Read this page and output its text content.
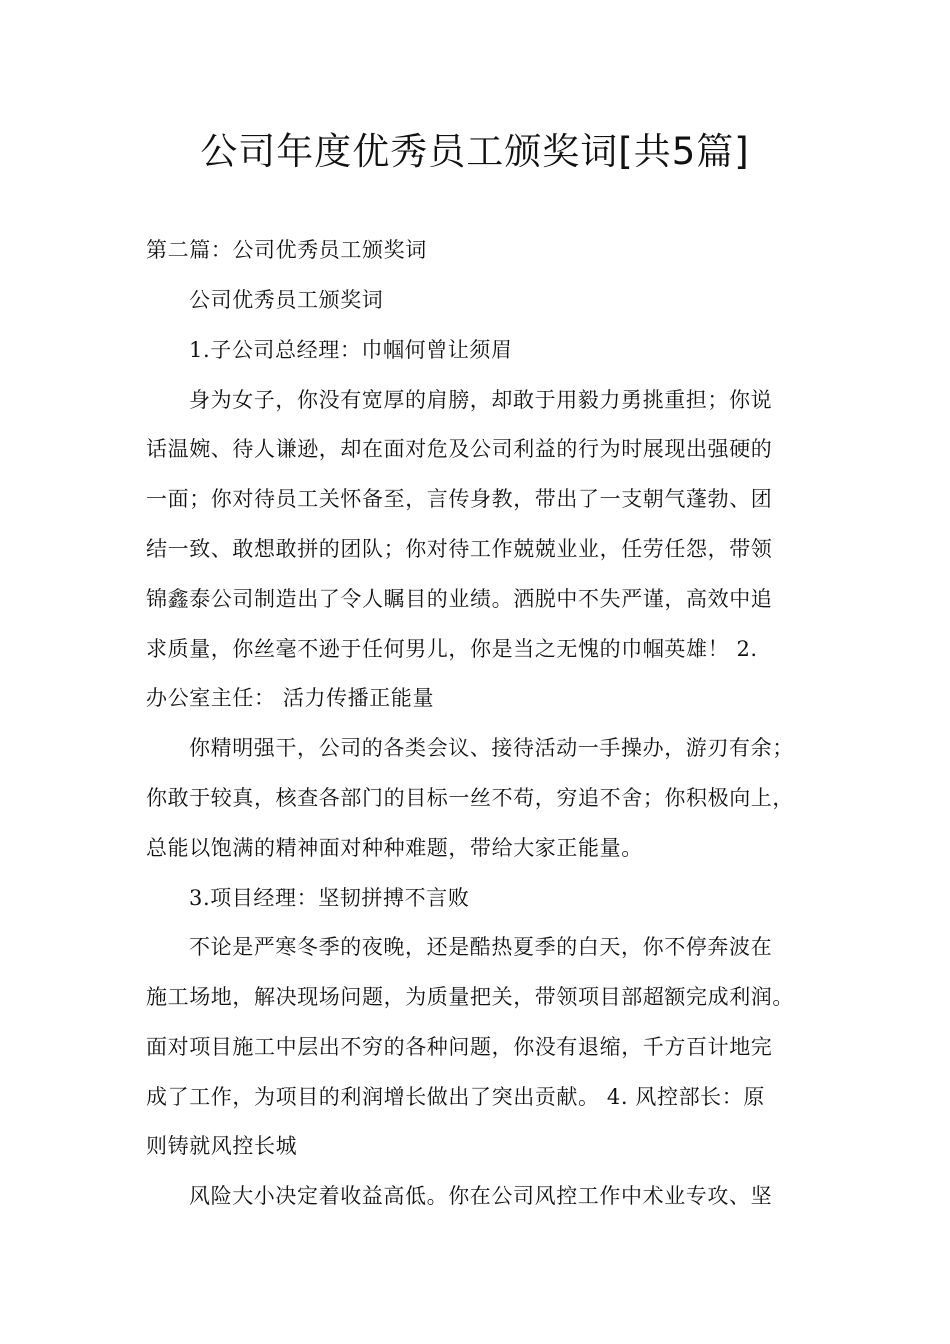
公司年度优秀员工颁奖词[共5篇]
第二篇：公司优秀员工颁奖词
公司优秀员工颁奖词
1.子公司总经理：巾帼何曾让须眉
身为女子，你没有宽厚的肩膀，却敢于用毅力勇挑重担；你说
话温婉、待人谦逊，却在面对危及公司利益的行为时展现出强硬的
一面；你对待员工关怀备至，言传身教，带出了一支朝气蓬勃、团
结一致、敢想敢拼的团队；你对待工作兢兢业业，任劳任怨，带领
锦鑫泰公司制造出了令人瞩目的业绩。洒脱中不失严谨，高效中追
求质量，你丝毫不逊于任何男儿，你是当之无愧的巾帼英雄！ 2.
办公室主任： 活力传播正能量
你精明强干，公司的各类会议、接待活动一手操办，游刃有余；
你敢于较真，核查各部门的目标一丝不苟，穷追不舍；你积极向上，
总能以饱满的精神面对种种难题，带给大家正能量。
3.项目经理：坚韧拼搏不言败
不论是严寒冬季的夜晚，还是酷热夏季的白天，你不停奔波在
施工场地，解决现场问题，为质量把关，带领项目部超额完成利润。
面对项目施工中层出不穷的各种问题，你没有退缩，千方百计地完
成了工作，为项目的利润增长做出了突出贡献。 4. 风控部长：原
则铸就风控长城
风险大小决定着收益高低。你在公司风控工作中术业专攻、坚
